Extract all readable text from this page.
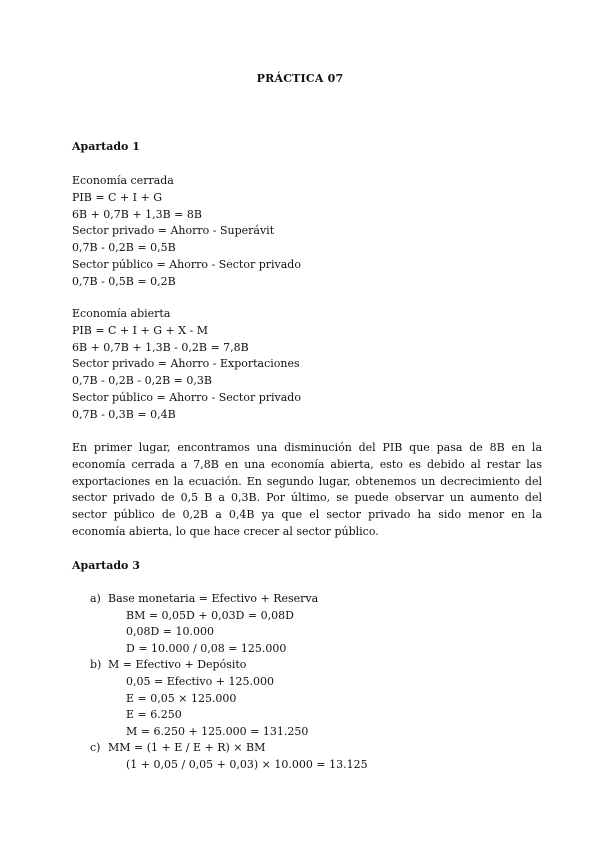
PRÁCTICA 07
Apartado 1
Economía cerrada
PIB = C + I + G
6B + 0,7B + 1,3B = 8B
Sector privado = Ahorro - Superávit
0,7B - 0,2B = 0,5B
Sector público = Ahorro - Sector privado
0,7B - 0,5B = 0,2B
Economía abierta
PIB = C + I + G + X - M
6B + 0,7B + 1,3B - 0,2B = 7,8B
Sector privado = Ahorro - Exportaciones
0,7B - 0,2B - 0,2B = 0,3B
Sector público = Ahorro - Sector privado
0,7B - 0,3B = 0,4B
En primer lugar, encontramos una disminución del PIB que pasa de 8B en la economía cerrada a 7,8B en una economía abierta, esto es debido al restar las exportaciones en la ecuación. En segundo lugar, obtenemos un decrecimiento del sector privado de 0,5 B a 0,3B. Por último, se puede observar un aumento del sector público de 0,2B a 0,4B ya que el sector privado ha sido menor en la economía abierta, lo que hace crecer al sector público.
Apartado 3
a) Base monetaria = Efectivo + Reserva
BM = 0,05D + 0,03D = 0,08D
0,08D = 10.000
D = 10.000 / 0,08 = 125.000
b) M = Efectivo + Depósito
0,05 = Efectivo + 125.000
E = 0,05 × 125.000
E = 6.250
M = 6.250 + 125.000 = 131.250
c) MM = (1 + E / E + R) × BM
(1 + 0,05 / 0,05 + 0,03) × 10.000 = 13.125
